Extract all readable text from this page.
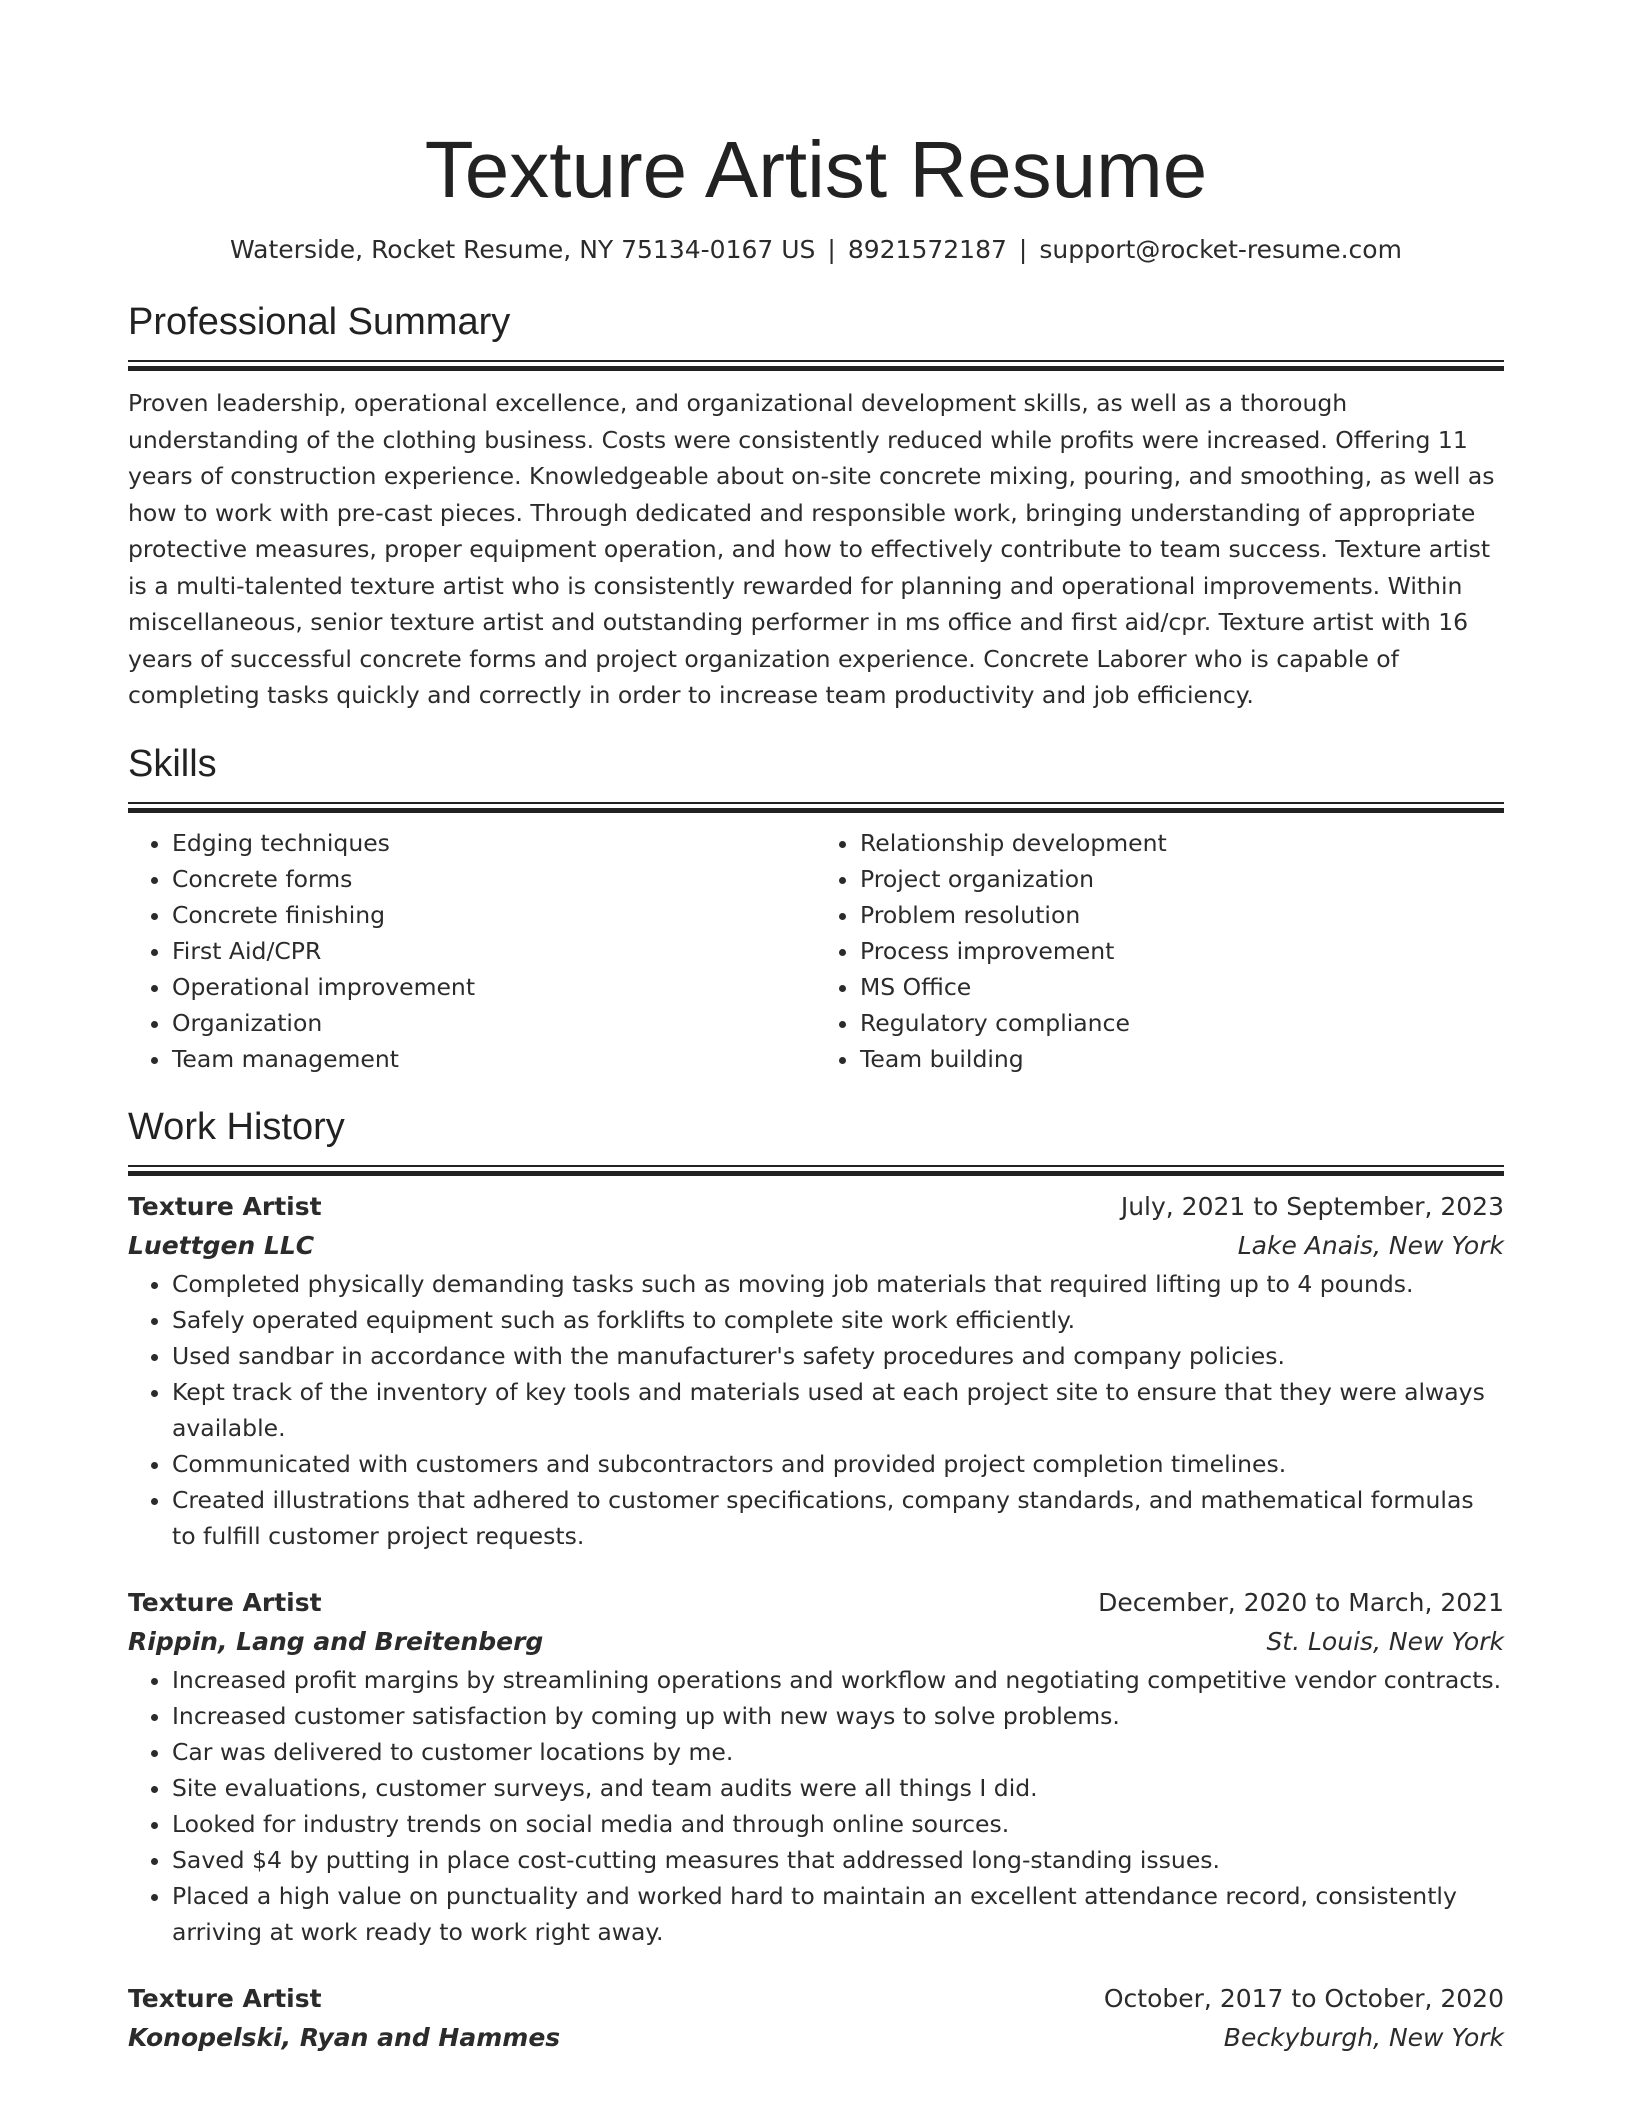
Texture Artist Resume
Waterside, Rocket Resume, NY 75134-0167 US | 8921572187 | support@rocket-resume.com
Professional Summary

Proven leadership, operational excellence, and organizational development skills, as well as a thorough understanding of the clothing business. Costs were consistently reduced while profits were increased. Offering 11 years of construction experience. Knowledgeable about on-site concrete mixing, pouring, and smoothing, as well as how to work with pre-cast pieces. Through dedicated and responsible work, bringing understanding of appropriate protective measures, proper equipment operation, and how to effectively contribute to team success. Texture artist is a multi-talented texture artist who is consistently rewarded for planning and operational improvements. Within miscellaneous, senior texture artist and outstanding performer in ms office and first aid/cpr. Texture artist with 16 years of successful concrete forms and project organization experience. Concrete Laborer who is capable of completing tasks quickly and correctly in order to increase team productivity and job efficiency.

Skills
• Edging techniques
• Concrete forms
• Concrete finishing
• First Aid/CPR
• Operational improvement
• Organization
• Team management
• Relationship development
• Project organization
• Problem resolution
• Process improvement
• MS Office
• Regulatory compliance
• Team building
Work History
Texture Artist	July, 2021 to September, 2023
Luettgen LLC	Lake Anais, New York
• Completed physically demanding tasks such as moving job materials that required lifting up to 4 pounds.
• Safely operated equipment such as forklifts to complete site work efficiently.
• Used sandbar in accordance with the manufacturer's safety procedures and company policies.
• Kept track of the inventory of key tools and materials used at each project site to ensure that they were always available.
• Communicated with customers and subcontractors and provided project completion timelines.
• Created illustrations that adhered to customer specifications, company standards, and mathematical formulas to fulfill customer project requests.
Texture Artist	December, 2020 to March, 2021
Rippin, Lang and Breitenberg	St. Louis, New York
• Increased profit margins by streamlining operations and workflow and negotiating competitive vendor contracts.
• Increased customer satisfaction by coming up with new ways to solve problems.
• Car was delivered to customer locations by me.
• Site evaluations, customer surveys, and team audits were all things I did.
• Looked for industry trends on social media and through online sources.
• Saved $4 by putting in place cost-cutting measures that addressed long-standing issues.
• Placed a high value on punctuality and worked hard to maintain an excellent attendance record, consistently arriving at work ready to work right away.
Texture Artist	October, 2017 to October, 2020
Konopelski, Ryan and Hammes	Beckyburgh, New York
